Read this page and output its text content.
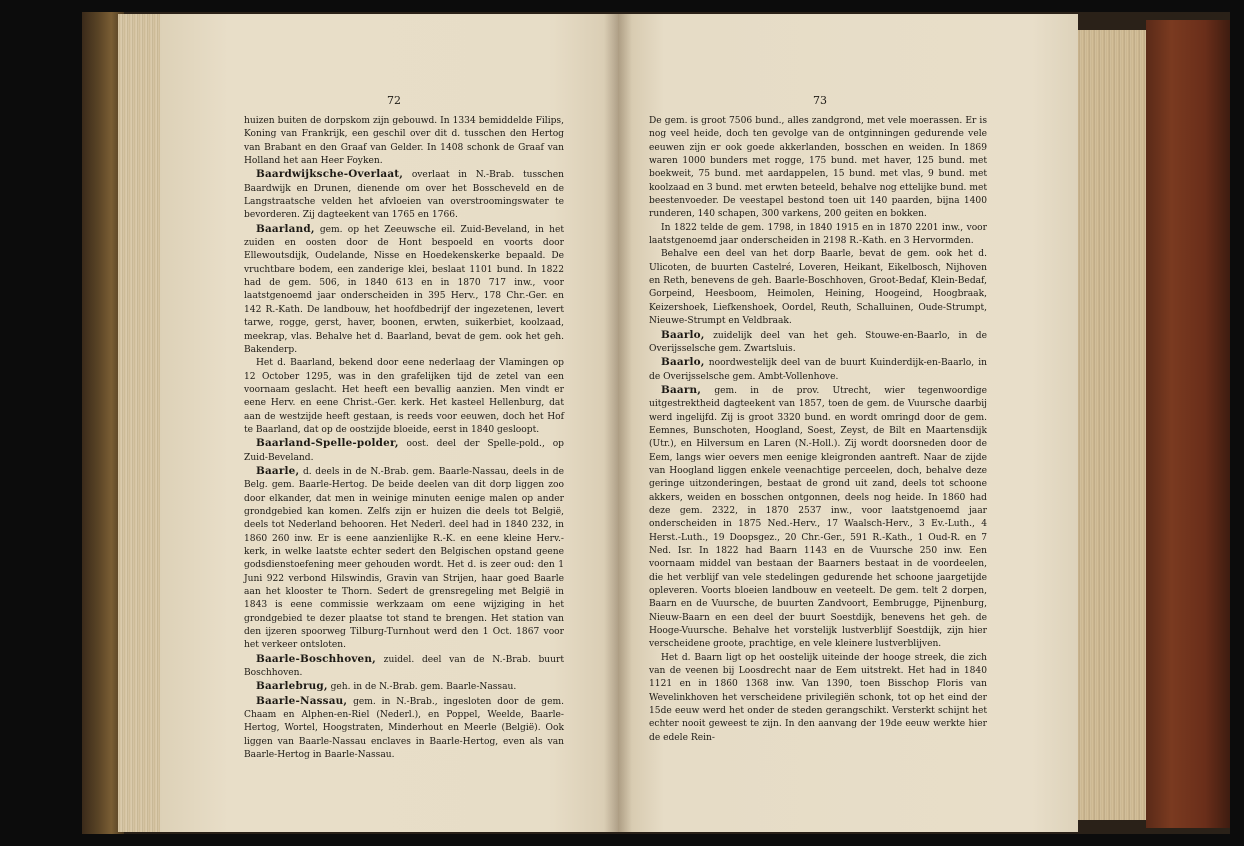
72

huizen buiten de dorpskom zijn gebouwd. In 1334 bemiddelde Filips, Koning van Frankrijk, een geschil over dit d. tusschen den Hertog van Brabant en den Graaf van Gelder. In 1408 schonk de Graaf van Holland het aan Heer Foyken.

Baardwijksche-Overlaat, overlaat in N.-Brab. tusschen Baardwijk en Drunen, dienende om over het Bosscheveld en de Langstraatsche velden het afvloeien van overstroomingswater te bevorderen. Zij dagteekent van 1765 en 1766.

Baarland, gem. op het Zeeuwsche eil. Zuid-Beveland, in het zuiden en oosten door de Hont bespoeld en voorts door Ellewoutsdijk, Oudelande, Nisse en Hoedekenskerke bepaald. De vruchtbare bodem, een zanderige klei, beslaat 1101 bund. In 1822 had de gem. 506, in 1840 613 en in 1870 717 inw., voor laatstgenoemd jaar onderscheiden in 395 Herv., 178 Chr.-Ger. en 142 R.-Kath. De landbouw, het hoofdbedrijf der ingezetenen, levert tarwe, rogge, gerst, haver, boonen, erwten, suikerbiet, koolzaad, meekrap, vlas. Behalve het d. Baarland, bevat de gem. ook het geh. Bakenderp.

Het d. Baarland, bekend door eene nederlaag der Vlamingen op 12 October 1295, was in den grafelijken tijd de zetel van een voornaam geslacht. Het heeft een bevallig aanzien. Men vindt er eene Herv. en eene Christ.-Ger. kerk. Het kasteel Hellenburg, dat aan de westzijde heeft gestaan, is reeds voor eeuwen, doch het Hof te Baarland, dat op de oostzijde bloeide, eerst in 1840 gesloopt.

Baarland-Spelle-polder, oost. deel der Spelle-pold., op Zuid-Beveland.

Baarle, d. deels in de N.-Brab. gem. Baarle-Nassau, deels in de Belg. gem. Baarle-Hertog. De beide deelen van dit dorp liggen zoo door elkander, dat men in weinige minuten eenige malen op ander grondgebied kan komen. Zelfs zijn er huizen die deels tot België, deels tot Nederland behooren. Het Nederl. deel had in 1840 232, in 1860 260 inw. Er is eene aanzienlijke R.-K. en eene kleine Herv.-kerk, in welke laatste echter sedert den Belgischen opstand geene godsdienstoefening meer gehouden wordt. Het d. is zeer oud: den 1 Juni 922 verbond Hilswindis, Gravin van Strijen, haar goed Baarle aan het klooster te Thorn. Sedert de grensregeling met België in 1843 is eene commissie werkzaam om eene wijziging in het grondgebied te dezer plaatse tot stand te brengen. Het station van den ijzeren spoorweg Tilburg-Turnhout werd den 1 Oct. 1867 voor het verkeer ontsloten.

Baarle-Boschhoven, zuidel. deel van de N.-Brab. buurt Boschhoven.

Baarlebrug, geh. in de N.-Brab. gem. Baarle-Nassau.

Baarle-Nassau, gem. in N.-Brab., ingesloten door de gem. Chaam en Alphen-en-Riel (Nederl.), en Poppel, Weelde, Baarle-Hertog, Wortel, Hoogstraten, Minderhout en Meerle (België). Ook liggen van Baarle-Nassau enclaves in Baarle-Hertog, even als van Baarle-Hertog in Baarle-Nassau.

73

De gem. is groot 7506 bund., alles zandgrond, met vele moerassen. Er is nog veel heide, doch ten gevolge van de ontginningen gedurende vele eeuwen zijn er ook goede akkerlanden, bosschen en weiden. In 1869 waren 1000 bunders met rogge, 175 bund. met haver, 125 bund. met boekweit, 75 bund. met aardappelen, 15 bund. met vlas, 9 bund. met koolzaad en 3 bund. met erwten beteeld, behalve nog ettelijke bund. met beestenvoeder. De veestapel bestond toen uit 140 paarden, bijna 1400 runderen, 140 schapen, 300 varkens, 200 geiten en bokken.

In 1822 telde de gem. 1798, in 1840 1915 en in 1870 2201 inw., voor laatstgenoemd jaar onderscheiden in 2198 R.-Kath. en 3 Hervormden.

Behalve een deel van het dorp Baarle, bevat de gem. ook het d. Ulicoten, de buurten Castelré, Loveren, Heikant, Eikelbosch, Nijhoven en Reth, benevens de geh. Baarle-Boschhoven, Groot-Bedaf, Klein-Bedaf, Gorpeind, Heesboom, Heimolen, Heining, Hoogeind, Hoogbraak, Keizershoek, Liefkenshoek, Oordel, Reuth, Schalluinen, Oude-Strumpt, Nieuwe-Strumpt en Veldbraak.

Baarlo, zuidelijk deel van het geh. Stouwe-en-Baarlo, in de Overijsselsche gem. Zwartsluis.

Baarlo, noordwestelijk deel van de buurt Kuinderdijk-en-Baarlo, in de Overijsselsche gem. Ambt-Vollenhove.

Baarn, gem. in de prov. Utrecht, wier tegenwoordige uitgestrektheid dagteekent van 1857, toen de gem. de Vuursche daarbij werd ingelijfd. Zij is groot 3320 bund. en wordt omringd door de gem. Eemnes, Bunschoten, Hoogland, Soest, Zeyst, de Bilt en Maartensdijk (Utr.), en Hilversum en Laren (N.-Holl.). Zij wordt doorsneden door de Eem, langs wier oevers men eenige kleigronden aantreft. Naar de zijde van Hoogland liggen enkele veenachtige perceelen, doch, behalve deze geringe uitzonderingen, bestaat de grond uit zand, deels tot schoone akkers, weiden en bosschen ontgonnen, deels nog heide. In 1860 had deze gem. 2322, in 1870 2537 inw., voor laatstgenoemd jaar onderscheiden in 1875 Ned.-Herv., 17 Waalsch-Herv., 3 Ev.-Luth., 4 Herst.-Luth., 19 Doopsgez., 20 Chr.-Ger., 591 R.-Kath., 1 Oud-R. en 7 Ned. Isr. In 1822 had Baarn 1143 en de Vuursche 250 inw. Een voornaam middel van bestaan der Baarners bestaat in de voordeelen, die het verblijf van vele stedelingen gedurende het schoone jaargetijde opleveren. Voorts bloeien landbouw en veeteelt. De gem. telt 2 dorpen, Baarn en de Vuursche, de buurten Zandvoort, Eembrugge, Pijnenburg, Nieuw-Baarn en een deel der buurt Soestdijk, benevens het geh. de Hooge-Vuursche. Behalve het vorstelijk lustverblijf Soestdijk, zijn hier verscheidene groote, prachtige, en vele kleinere lustverblijven.

Het d. Baarn ligt op het oostelijk uiteinde der hooge streek, die zich van de veenen bij Loosdrecht naar de Eem uitstrekt. Het had in 1840 1121 en in 1860 1368 inw. Van 1390, toen Bisschop Floris van Wevelinkhoven het verscheidene privilegiën schonk, tot op het eind der 15de eeuw werd het onder de steden gerangschikt. Versterkt schijnt het echter nooit geweest te zijn. In den aanvang der 19de eeuw werkte hier de edele Rein-
